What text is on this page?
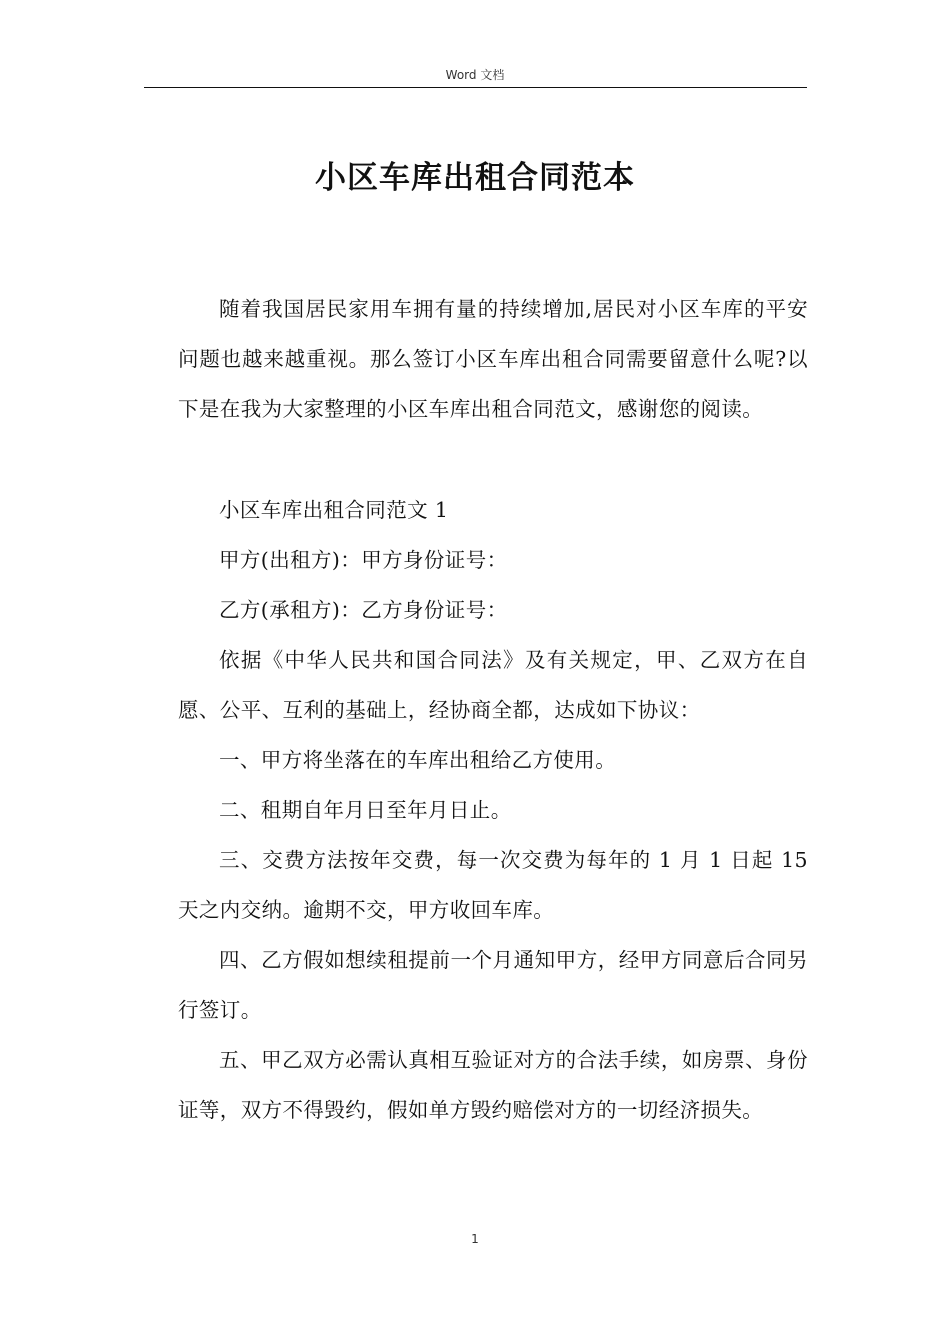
Word 文档
小区车库出租合同范本

随着我国居民家用车拥有量的持续增加,居民对小区车库的平安问题也越来越重视。那么签订小区车库出租合同需要留意什么呢?以下是在我为大家整理的小区车库出租合同范文，感谢您的阅读。

小区车库出租合同范文 1

甲方(出租方)：甲方身份证号：

乙方(承租方)：乙方身份证号：

依据《中华人民共和国合同法》及有关规定，甲、乙双方在自愿、公平、互利的基础上，经协商全都，达成如下协议：

一、甲方将坐落在的车库出租给乙方使用。

二、租期自年月日至年月日止。

三、交费方法按年交费，每一次交费为每年的 1 月 1 日起 15 天之内交纳。逾期不交，甲方收回车库。

四、乙方假如想续租提前一个月通知甲方，经甲方同意后合同另行签订。

五、甲乙双方必需认真相互验证对方的合法手续，如房票、身份证等，双方不得毁约，假如单方毁约赔偿对方的一切经济损失。

1
